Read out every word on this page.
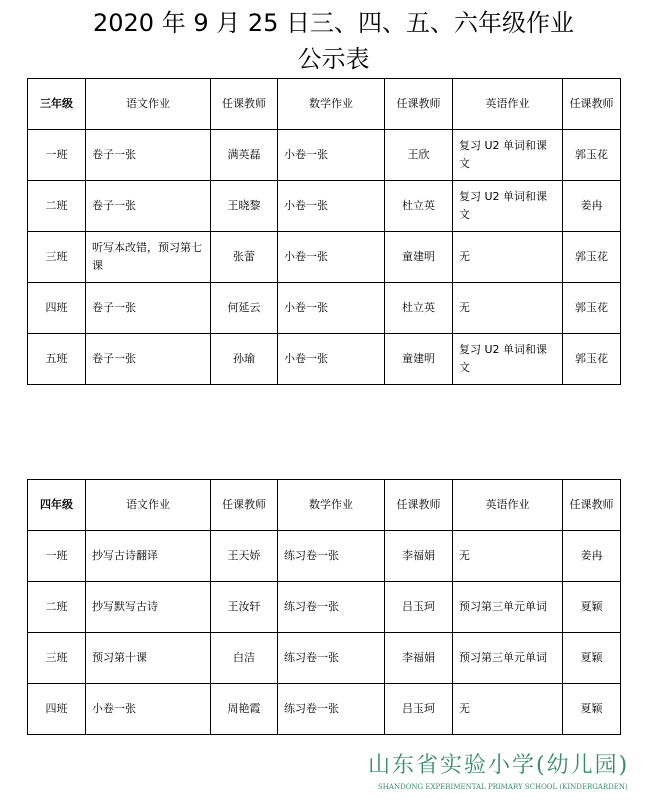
2020 年 9 月 25 日三、四、五、六年级作业
公示表
三年级	语文作业	任课教师	数学作业	任课教师	英语作业	任课教师
一班	卷子一张	满英磊	小卷一张	王欣	复习 U2 单词和课文	郭玉花
二班	卷子一张	王晓黎	小卷一张	杜立英	复习 U2 单词和课文	姜冉
三班	听写本改错，预习第七课	张蕾	小卷一张	童建明	无	郭玉花
四班	卷子一张	何延云	小卷一张	杜立英	无	郭玉花
五班	卷子一张	孙瑜	小卷一张	童建明	复习 U2 单词和课文	郭玉花
四年级	语文作业	任课教师	数学作业	任课教师	英语作业	任课教师
一班	抄写古诗翻译	王天娇	练习卷一张	李福娟	无	姜冉
二班	抄写默写古诗	王汝轩	练习卷一张	吕玉珂	预习第三单元单词	夏颖
三班	预习第十课	白洁	练习卷一张	李福娟	预习第三单元单词	夏颖
四班	小卷一张	周艳霞	练习卷一张	吕玉珂	无	夏颖
山东省实验小学(幼儿园)
SHANDONG EXPERIMENTAL PRIMARY SCHOOL (KINDERGARDEN)
